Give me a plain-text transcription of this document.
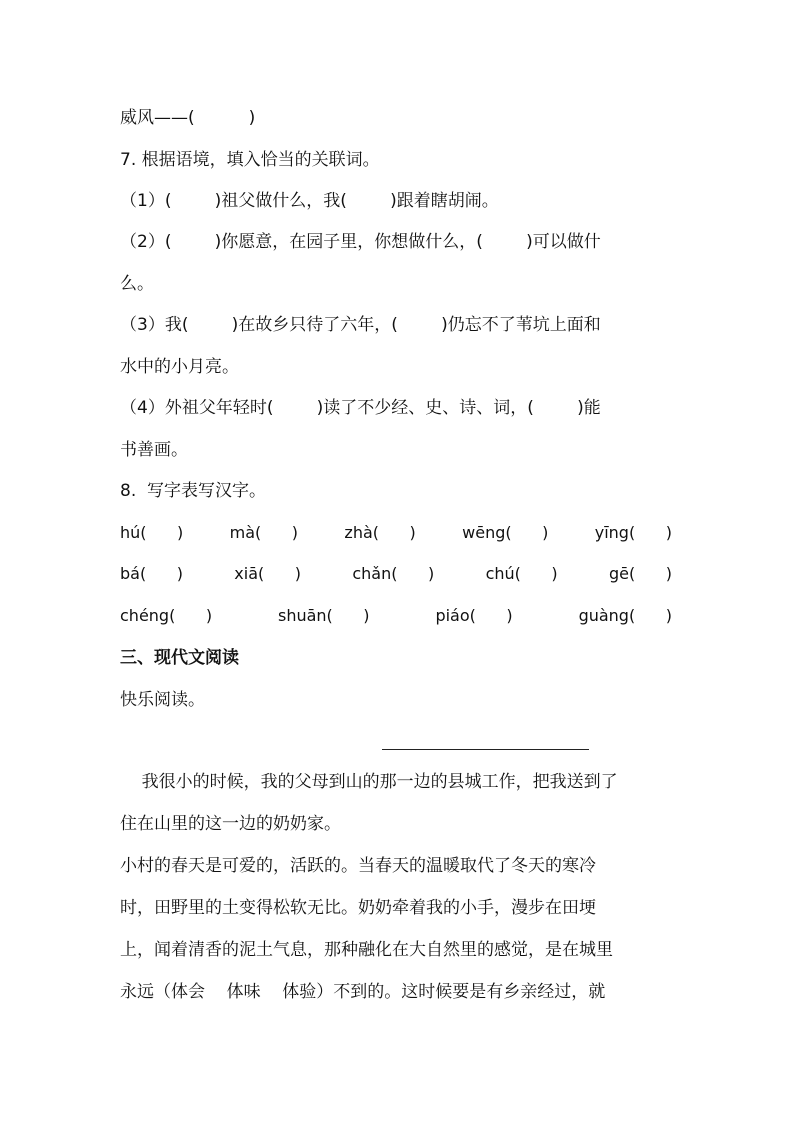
威风——(          )
7. 根据语境，填入恰当的关联词。
（1）(        )祖父做什么，我(        )跟着瞎胡闹。
（2）(        )你愿意，在园子里，你想做什么，(        )可以做什
么。
（3）我(        )在故乡只待了六年，(        )仍忘不了苇坑上面和
水中的小月亮。
（4）外祖父年轻时(        )读了不少经、史、诗、词，(        )能
书善画。
8.  写字表写汉字。
hú(      )	mà(      )	zhà(      )	wēng(      )	yīng(      )
bá(      )	xiā(      )	chǎn(      )	chú(      )	gē(      )
chéng(      )	shuān(      )	piáo(      )	guàng(      )
三、现代文阅读
快乐阅读。
我很小的时候，我的父母到山的那一边的县城工作，把我送到了
住在山里的这一边的奶奶家。
小村的春天是可爱的，活跃的。当春天的温暖取代了冬天的寒冷
时，田野里的土变得松软无比。奶奶牵着我的小手，漫步在田埂
上，闻着清香的泥土气息，那种融化在大自然里的感觉，是在城里
永远（体会    体味    体验）不到的。这时候要是有乡亲经过，就
